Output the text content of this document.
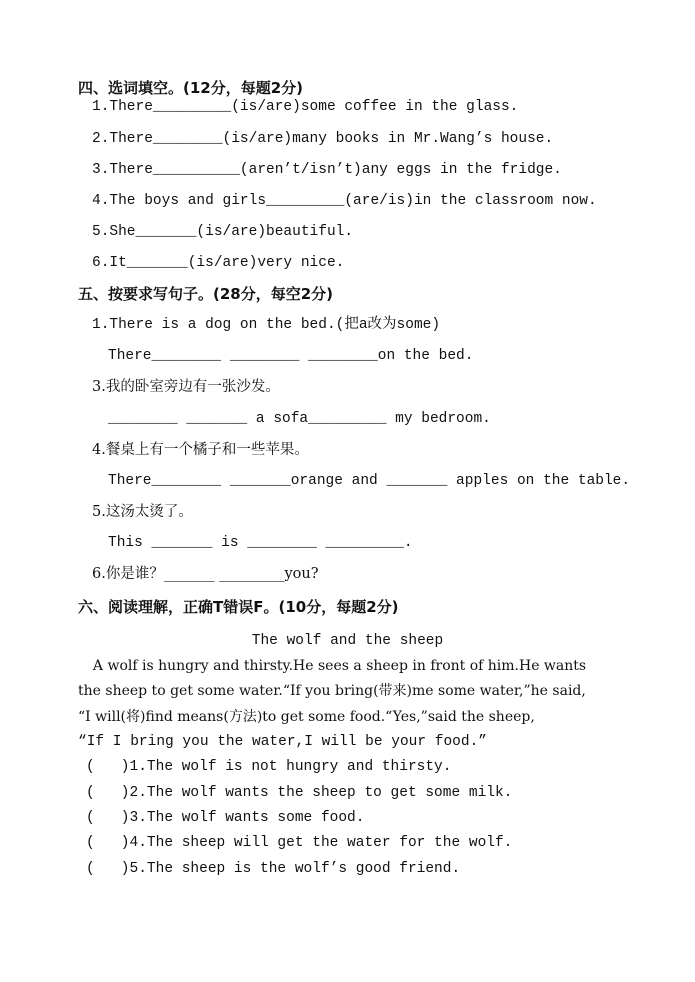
四、选词填空。(12分，每题2分)
1.There_________(is/are)some coffee in the glass.
2.There________(is/are)many books in Mr.Wang’s house.
3.There__________(aren’t/isn’t)any eggs in the fridge.
4.The boys and girls_________(are/is)in the classroom now.
5.She_______(is/are)beautiful.
6.It_______(is/are)very nice.
五、按要求写句子。(28分，每空2分)
1.There is a dog on the bed.(把a改为some)
There________ ________ ________on the bed.
3.我的卧室旁边有一张沙发。
________ _______ a sofa_________ my bedroom.
4.餐桌上有一个橘子和一些苹果。
There________ _______orange and _______ apples on the table.
5.这汤太烫了。
This _______ is ________ _________.
6.你是谁？_______ _________you?
六、阅读理解，正确T错误F。(10分，每题2分)
The wolf and the sheep
A wolf is hungry and thirsty.He sees a sheep in front of him.He wants
the sheep to get some water.“If you bring(带来)me some water,”he said,
“I will(将)find means(方法)to get some food.“Yes,”said the sheep,
“If I bring you the water,I will be your food.”
(   )1.The wolf is not hungry and thirsty.
(   )2.The wolf wants the sheep to get some milk.
(   )3.The wolf wants some food.
(   )4.The sheep will get the water for the wolf.
(   )5.The sheep is the wolf’s good friend.
